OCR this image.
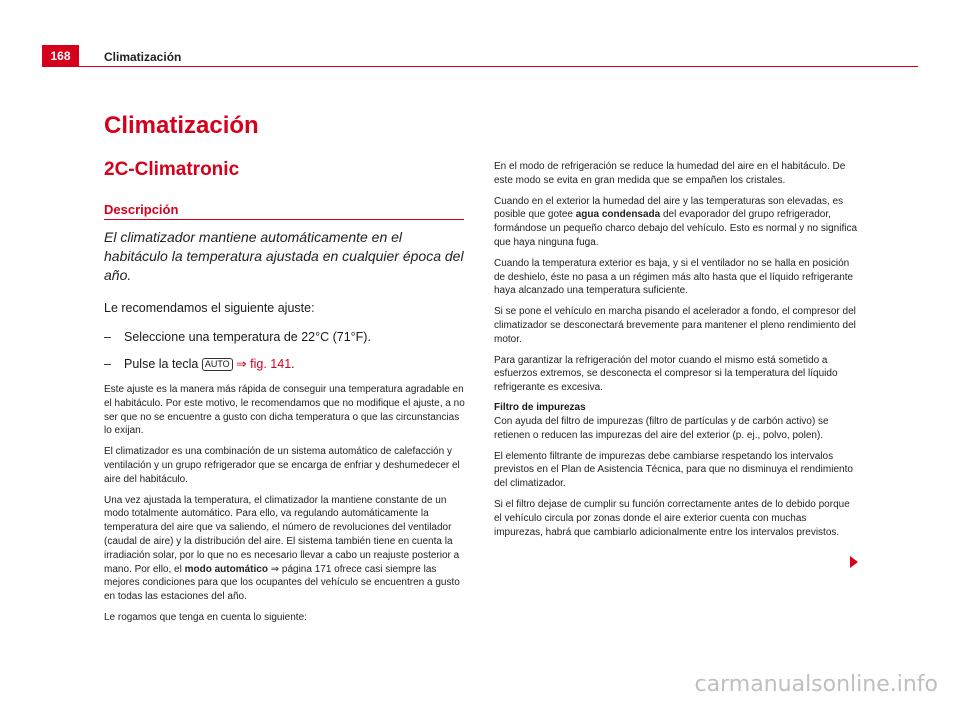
168	Climatización
Climatización
2C-Climatronic
Descripción

El climatizador mantiene automáticamente en el habitáculo la temperatura ajustada en cualquier época del año.

Le recomendamos el siguiente ajuste:

–	Seleccione una temperatura de 22°C (71°F).
–	Pulse la tecla AUTO ⇒ fig. 141.

Este ajuste es la manera más rápida de conseguir una temperatura agradable en el habitáculo. Por este motivo, le recomendamos que no modifique el ajuste, a no ser que no se encuentre a gusto con dicha temperatura o que las circunstancias lo exijan.

El climatizador es una combinación de un sistema automático de calefacción y ventilación y un grupo refrigerador que se encarga de enfriar y deshumedecer el aire del habitáculo.

Una vez ajustada la temperatura, el climatizador la mantiene constante de un modo totalmente automático. Para ello, va regulando automáticamente la temperatura del aire que va saliendo, el número de revoluciones del ventilador (caudal de aire) y la distribución del aire. El sistema también tiene en cuenta la irradiación solar, por lo que no es necesario llevar a cabo un reajuste posterior a mano. Por ello, el modo automático ⇒ página 171 ofrece casi siempre las mejores condiciones para que los ocupantes del vehículo se encuentren a gusto en todas las estaciones del año.

Le rogamos que tenga en cuenta lo siguiente:

En el modo de refrigeración se reduce la humedad del aire en el habitáculo. De este modo se evita en gran medida que se empañen los cristales.

Cuando en el exterior la humedad del aire y las temperaturas son elevadas, es posible que gotee agua condensada del evaporador del grupo refrigerador, formándose un pequeño charco debajo del vehículo. Esto es normal y no significa que haya ninguna fuga.

Cuando la temperatura exterior es baja, y si el ventilador no se halla en posición de deshielo, éste no pasa a un régimen más alto hasta que el líquido refrigerante haya alcanzado una temperatura suficiente.

Si se pone el vehículo en marcha pisando el acelerador a fondo, el compresor del climatizador se desconectará brevemente para mantener el pleno rendimiento del motor.

Para garantizar la refrigeración del motor cuando el mismo está sometido a esfuerzos extremos, se desconecta el compresor si la temperatura del líquido refrigerante es excesiva.

Filtro de impurezas

Con ayuda del filtro de impurezas (filtro de partículas y de carbón activo) se retienen o reducen las impurezas del aire del exterior (p. ej., polvo, polen).

El elemento filtrante de impurezas debe cambiarse respetando los intervalos previstos en el Plan de Asistencia Técnica, para que no disminuya el rendimiento del climatizador.

Si el filtro dejase de cumplir su función correctamente antes de lo debido porque el vehículo circula por zonas donde el aire exterior cuenta con muchas impurezas, habrá que cambiarlo adicionalmente entre los intervalos previstos.

carmanualsonline.info
